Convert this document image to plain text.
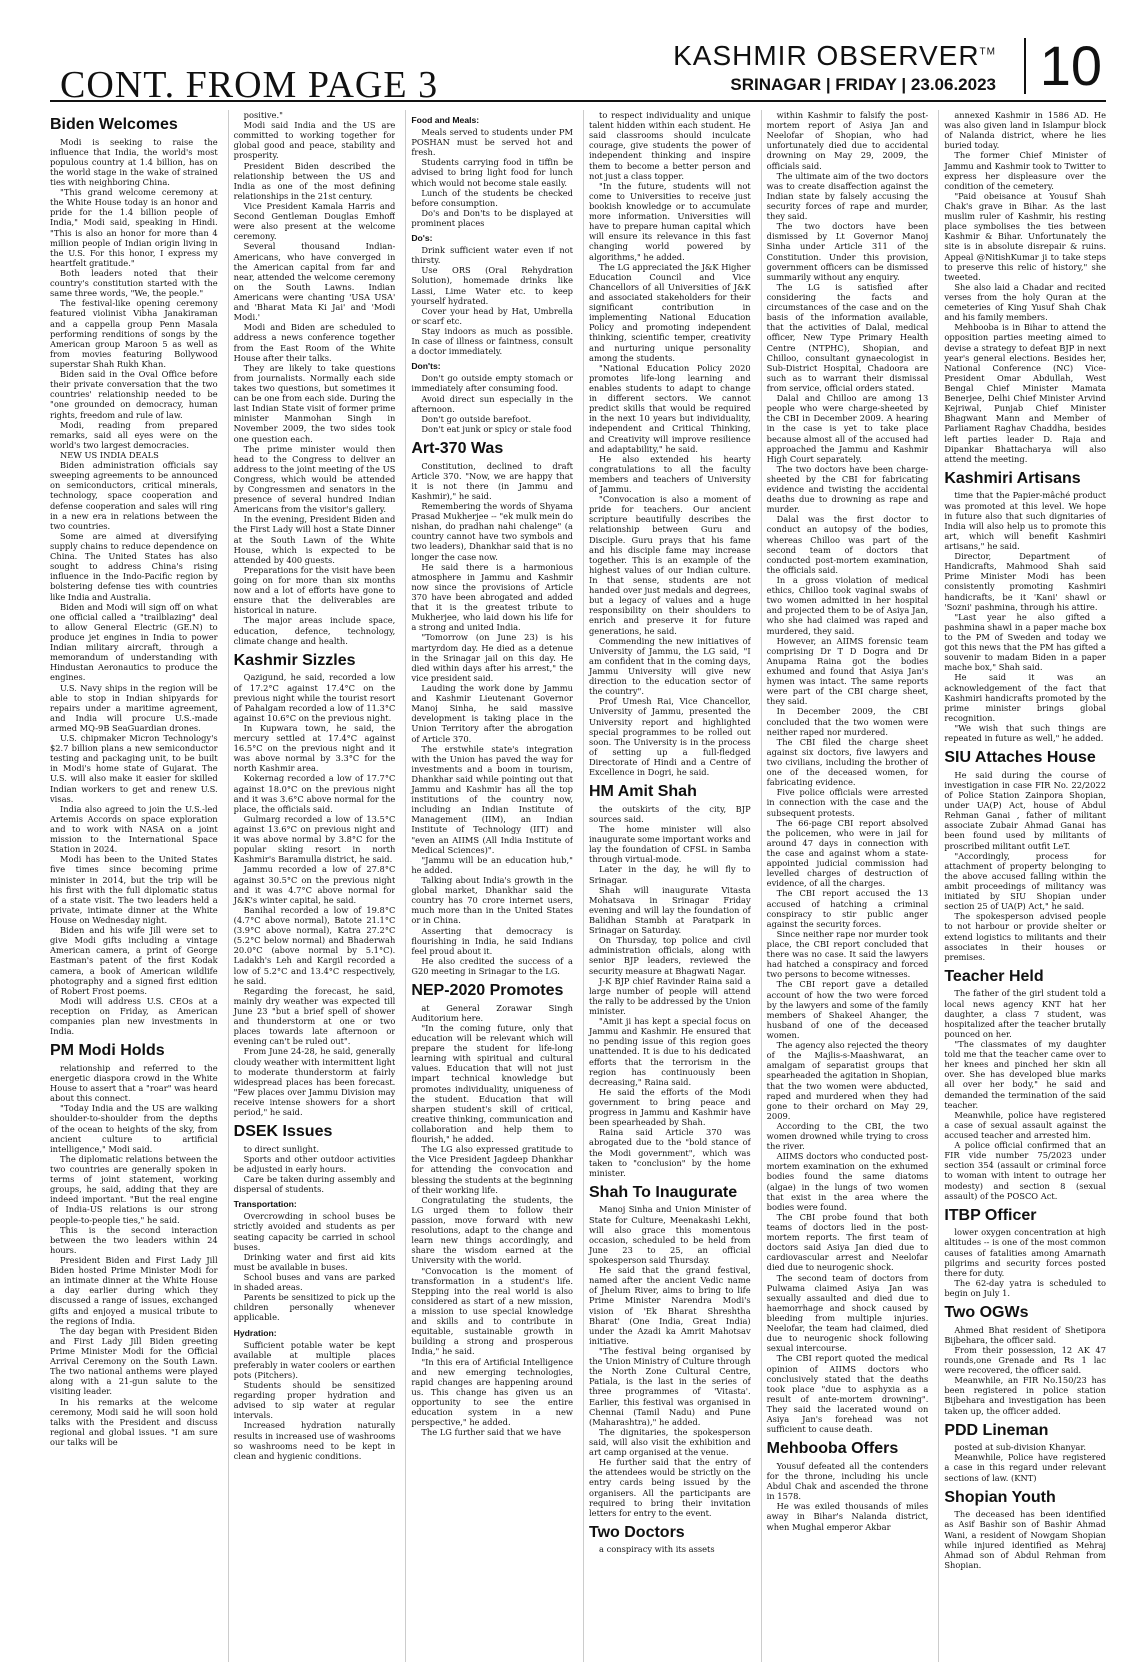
CONT. FROM PAGE 3
KASHMIR OBSERVER™
SRINAGAR | FRIDAY | 23.06.2023 10
Biden Welcomes

Modi is seeking to raise the influence that India, the world's most populous country at 1.4 billion, has on the world stage in the wake of strained ties with neighboring China.

"This grand welcome ceremony at the White House today is an honor and pride for the 1.4 billion people of India," Modi said, speaking in Hindi. "This is also an honor for more than 4 million people of Indian origin living in the U.S. For this honor, I express my heartfelt gratitude."

Both leaders noted that their country's constitution started with the same three words, "We, the people."

The festival-like opening ceremony featured violinist Vibha Janakiraman and a cappella group Penn Masala performing renditions of songs by the American group Maroon 5 as well as from movies featuring Bollywood superstar Shah Rukh Khan.

Biden said in the Oval Office before their private conversation that the two countries' relationship needed to be "one grounded on democracy, human rights, freedom and rule of law.

Modi, reading from prepared remarks, said all eyes were on the world's two largest democracies.

NEW US INDIA DEALS

Biden administration officials say sweeping agreements to be announced on semiconductors, critical minerals, technology, space cooperation and defense cooperation and sales will ring in a new era in relations between the two countries.

Some are aimed at diversifying supply chains to reduce dependence on China. The United States has also sought to address China's rising influence in the Indo-Pacific region by bolstering defense ties with countries like India and Australia.

Biden and Modi will sign off on what one official called a "trailblazing" deal to allow General Electric (GE.N) to produce jet engines in India to power Indian military aircraft, through a memorandum of understanding with Hindustan Aeronautics to produce the engines.

U.S. Navy ships in the region will be able to stop in Indian shipyards for repairs under a maritime agreement, and India will procure U.S.-made armed MQ-9B SeaGuardian drones.

U.S. chipmaker Micron Technology's $2.7 billion plans a new semiconductor testing and packaging unit, to be built in Modi's home state of Gujarat. The U.S. will also make it easier for skilled Indian workers to get and renew U.S. visas.

India also agreed to join the U.S.-led Artemis Accords on space exploration and to work with NASA on a joint mission to the International Space Station in 2024.

Modi has been to the United States five times since becoming prime minister in 2014, but the trip will be his first with the full diplomatic status of a state visit. The two leaders held a private, intimate dinner at the White House on Wednesday night.

Biden and his wife Jill were set to give Modi gifts including a vintage American camera, a print of George Eastman's patent of the first Kodak camera, a book of American wildlife photography and a signed first edition of Robert Frost poems.

Modi will address U.S. CEOs at a reception on Friday, as American companies plan new investments in India.

PM Modi Holds

relationship and referred to the energetic diaspora crowd in the White House to assert that a "roar" was heard about this connect.

"Today India and the US are walking shoulder-to-shoulder from the depths of the ocean to heights of the sky, from ancient culture to artificial intelligence," Modi said.

The diplomatic relations between the two countries are generally spoken in terms of joint statement, working groups, he said, adding that they are indeed important. "But the real engine of India-US relations is our strong people-to-people ties," he said.

This is the second interaction between the two leaders within 24 hours.

President Biden and First Lady Jill Biden hosted Prime Minister Modi for an intimate dinner at the White House a day earlier during which they discussed a range of issues, exchanged gifts and enjoyed a musical tribute to the regions of India.

The day began with President Biden and First Lady Jill Biden greeting Prime Minister Modi for the Official Arrival Ceremony on the South Lawn. The two national anthems were played along with a 21-gun salute to the visiting leader.

In his remarks at the welcome ceremony, Modi said he will soon hold talks with the President and discuss regional and global issues. "I am sure our talks will be

positive."

Modi said India and the US are committed to working together for global good and peace, stability and prosperity.

President Biden described the relationship between the US and India as one of the most defining relationships in the 21st century.

Vice President Kamala Harris and Second Gentleman Douglas Emhoff were also present at the welcome ceremony.

Several thousand Indian-Americans, who have converged in the American capital from far and near, attended the welcome ceremony on the South Lawns. Indian Americans were chanting 'USA USA' and 'Bharat Mata Ki Jai' and 'Modi Modi.'

Modi and Biden are scheduled to address a news conference together from the East Room of the White House after their talks.

They are likely to take questions from journalists. Normally each side takes two questions, but sometimes it can be one from each side. During the last Indian State visit of former prime minister Manmohan Singh in November 2009, the two sides took one question each.

The prime minister would then head to the Congress to deliver an address to the joint meeting of the US Congress, which would be attended by Congressmen and senators in the presence of several hundred Indian Americans from the visitor's gallery.

In the evening, President Biden and the First Lady will host a State Dinner at the South Lawn of the White House, which is expected to be attended by 400 guests.

Preparations for the visit have been going on for more than six months now and a lot of efforts have gone to ensure that the deliverables are historical in nature.

The major areas include space, education, defence, technology, climate change and health.

Kashmir Sizzles

Qazigund, he said, recorded a low of 17.2°C against 17.4°C on the previous night while the tourist resort of Pahalgam recorded a low of 11.3°C against 10.6°C on the previous night.

In Kupwara town, he said, the mercury settled at 17.4°C against 16.5°C on the previous night and it was above normal by 3.3°C for the north Kashmir area.

Kokernag recorded a low of 17.7°C against 18.0°C on the previous night and it was 3.6°C above normal for the place, the officials said.

Gulmarg recorded a low of 13.5°C against 13.6°C on previous night and it was above normal by 3.8°C for the popular skiing resort in north Kashmir's Baramulla district, he said.

Jammu recorded a low of 27.8°C against 30.5°C on the previous night and it was 4.7°C above normal for J&K's winter capital, he said.

Banihal recorded a low of 19.8°C (4.7°C above normal), Batote 21.1°C (3.9°C above normal), Katra 27.2°C (5.2°C below normal) and Bhaderwah 20.0°C (above normal by 5.1°C). Ladakh's Leh and Kargil recorded a low of 5.2°C and 13.4°C respectively, he said.

Regarding the forecast, he said, mainly dry weather was expected till June 23 "but a brief spell of shower and thunderstorm at one or two places towards late afternoon or evening can't be ruled out".

From June 24-28, he said, generally cloudy weather with intermittent light to moderate thunderstorm at fairly widespread places has been forecast. "Few places over Jammu Division may receive intense showers for a short period," he said.

DSEK Issues

to direct sunlight.

Sports and other outdoor activities be adjusted in early hours.

Care be taken during assembly and dispersal of students.

Transportation:

Overcrowding in school buses be strictly avoided and students as per seating capacity be carried in school buses.

Drinking water and first aid kits must be available in buses.

School buses and vans are parked in shaded areas.

Parents be sensitized to pick up the children personally whenever applicable.

Hydration:

Sufficient potable water be kept available at multiple places preferably in water coolers or earthen pots (Pitchers).

Students should be sensitized regarding proper hydration and advised to sip water at regular intervals.

Increased hydration naturally results in increased use of washrooms so washrooms need to be kept in clean and hygienic conditions.

Food and Meals:

Meals served to students under PM POSHAN must be served hot and fresh.

Students carrying food in tiffin be advised to bring light food for lunch which would not become stale easily.

Lunch of the students be checked before consumption.

Do's and Don'ts to be displayed at prominent places

Do's:

Drink sufficient water even if not thirsty.

Use ORS (Oral Rehydration Solution), homemade drinks like Lassi, Lime Water etc. to keep yourself hydrated.

Cover your head by Hat, Umbrella or scarf etc.

Stay indoors as much as possible. In case of illness or faintness, consult a doctor immediately.

Don'ts:

Don't go outside empty stomach or immediately after consuming food.

Avoid direct sun especially in the afternoon.

Don't go outside barefoot.

Don't eat junk or spicy or stale food

Art-370 Was

Constitution, declined to draft Article 370. "Now, we are happy that it is not there (in Jammu and Kashmir)," he said.

Remembering the words of Shyama Prasad Mukherjee -- "ek mulk mein do nishan, do pradhan nahi chalenge" (a country cannot have two symbols and two leaders), Dhankhar said that is no longer the case now.

He said there is a harmonious atmosphere in Jammu and Kashmir now since the provisions of Article 370 have been abrogated and added that it is the greatest tribute to Mukherjee, who laid down his life for a strong and united India.

"Tomorrow (on June 23) is his martyrdom day. He died as a detenue in the Srinagar jail on this day. He died within days after his arrest," the vice president said.

Lauding the work done by Jammu and Kashmir Lieutenant Governor Manoj Sinha, he said massive development is taking place in the Union Territory after the abrogation of Article 370.

The erstwhile state's integration with the Union has paved the way for investments and a boom in tourism, Dhankhar said while pointing out that Jammu and Kashmir has all the top institutions of the country now, including an Indian Institute of Management (IIM), an Indian Institute of Technology (IIT) and "even an AIIMS (All India Institute of Medical Sciences)".

"Jammu will be an education hub," he added.

Talking about India's growth in the global market, Dhankhar said the country has 70 crore internet users, much more than in the United States or in China.

Asserting that democracy is flourishing in India, he said Indians feel proud about it.

He also credited the success of a G20 meeting in Srinagar to the LG.

NEP-2020 Promotes

at General Zorawar Singh Auditorium here.

"In the coming future, only that education will be relevant which will prepare the student for life-long learning with spiritual and cultural values. Education that will not just impart technical knowledge but promotes individuality, uniqueness of the student. Education that will sharpen student's skill of critical, creative thinking, communication and collaboration and help them to flourish," he added.

The LG also expressed gratitude to the Vice President Jagdeep Dhankhar for attending the convocation and blessing the students at the beginning of their working life.

Congratulating the students, the LG urged them to follow their passion, move forward with new resolutions, adapt to the change and learn new things accordingly, and share the wisdom earned at the University with the world.

"Convocation is the moment of transformation in a student's life. Stepping into the real world is also considered as start of a new mission, a mission to use special knowledge and skills and to contribute in equitable, sustainable growth in building a strong and prosperous India," he said.

"In this era of Artificial Intelligence and new emerging technologies, rapid changes are happening around us. This change has given us an opportunity to see the entire education system in a new perspective," he added.

The LG further said that we have

to respect individuality and unique talent hidden within each student. He said classrooms should inculcate courage, give students the power of independent thinking and inspire them to become a better person and not just a class topper.

"In the future, students will not come to Universities to receive just bookish knowledge or to accumulate more information. Universities will have to prepare human capital which will ensure its relevance in this fast changing world powered by algorithms," he added.

The LG appreciated the J&K Higher Education Council and Vice Chancellors of all Universities of J&K and associated stakeholders for their significant contribution in implementing National Education Policy and promoting independent thinking, scientific temper, creativity and nurturing unique personality among the students.

"National Education Policy 2020 promotes life-long learning and enables students to adapt to change in different sectors. We cannot predict skills that would be required in the next 10 years but individuality, independent and Critical Thinking, and Creativity will improve resilience and adaptability," he said.

He also extended his hearty congratulations to all the faculty members and teachers of University of Jammu.

"Convocation is also a moment of pride for teachers. Our ancient scripture beautifully describes the relationship between Guru and Disciple. Guru prays that his fame and his disciple fame may increase together. This is an example of the highest values of our Indian culture. In that sense, students are not handed over just medals and degrees, but a legacy of values and a huge responsibility on their shoulders to enrich and preserve it for future generations, he said.

Commending the new initiatives of University of Jammu, the LG said, "I am confident that in the coming days, Jammu University will give new direction to the education sector of the country".

Prof Umesh Rai, Vice Chancellor, University of Jammu, presented the University report and highlighted special programmes to be rolled out soon. The University is in the process of setting up a full-fledged Directorate of Hindi and a Centre of Excellence in Dogri, he said.

HM Amit Shah

the outskirts of the city, BJP sources said.

The home minister will also inaugurate some important works and lay the foundation of CFSL in Samba through virtual-mode.

Later in the day, he will fly to Srinagar.

Shah will inaugurate Vitasta Mohatsava in Srinagar Friday evening and will lay the foundation of Balidhan Stambh at Paratpark in Srinagar on Saturday.

On Thursday, top police and civil administration officials, along with senior BJP leaders, reviewed the security measure at Bhagwati Nagar.

J-K BJP chief Ravinder Raina said a large number of people will attend the rally to be addressed by the Union minister.

"Amit ji has kept a special focus on Jammu and Kashmir. He ensured that no pending issue of this region goes unattended. It is due to his dedicated efforts that the terrorism in the region has continuously been decreasing," Raina said.

He said the efforts of the Modi government to bring peace and progress in Jammu and Kashmir have been spearheaded by Shah.

Raina said Article 370 was abrogated due to the "bold stance of the Modi government", which was taken to "conclusion" by the home minister.

Shah To Inaugurate

Manoj Sinha and Union Minister of State for Culture, Meenakashi Lekhi, will also grace this momentous occasion, scheduled to be held from June 23 to 25, an official spokesperson said Thursday.

He said that the grand festival, named after the ancient Vedic name of Jhelum River, aims to bring to life Prime Minister Narendra Modi's vision of 'Ek Bharat Shreshtha Bharat' (One India, Great India) under the Azadi ka Amrit Mahotsav initiative.

"The festival being organised by the Union Ministry of Culture through the North Zone Cultural Centre, Patiala, is the last in the series of three programmes of 'Vitasta'. Earlier, this festival was organised in Chennai (Tamil Nadu) and Pune (Maharashtra)," he added.

The dignitaries, the spokesperson said, will also visit the exhibition and art camp organised at the venue.

He further said that the entry of the attendees would be strictly on the entry cards being issued by the organisers. All the participants are required to bring their invitation letters for entry to the event.

Two Doctors

a conspiracy with its assets

within Kashmir to falsify the post-mortem report of Asiya Jan and Neelofar of Shopian, who had unfortunately died due to accidental drowning on May 29, 2009, the officials said.

The ultimate aim of the two doctors was to create disaffection against the Indian state by falsely accusing the security forces of rape and murder, they said.

The two doctors have been dismissed by Lt Governor Manoj Sinha under Article 311 of the Constitution. Under this provision, government officers can be dismissed summarily without any enquiry.

The LG is satisfied after considering the facts and circumstances of the case and on the basis of the information available, that the activities of Dalal, medical officer, New Type Primary Health Centre (NTPHC), Shopian, and Chilloo, consultant gynaecologist in Sub-District Hospital, Chadoora are such as to warrant their dismissal from service, official orders stated.

Dalal and Chilloo are among 13 people who were charge-sheeted by the CBI in December 2009. A hearing in the case is yet to take place because almost all of the accused had approached the Jammu and Kashmir High Court separately.

The two doctors have been charge-sheeted by the CBI for fabricating evidence and twisting the accidental deaths due to drowning as rape and murder.

Dalal was the first doctor to conduct an autopsy of the bodies, whereas Chilloo was part of the second team of doctors that conducted post-mortem examination, the officials said.

In a gross violation of medical ethics, Chilloo took vaginal swabs of two women admitted in her hospital and projected them to be of Asiya Jan, who she had claimed was raped and murdered, they said.

However, an AIIMS forensic team comprising Dr T D Dogra and Dr Anupama Raina got the bodies exhumed and found that Asiya Jan's hymen was intact. The same reports were part of the CBI charge sheet, they said.

In December 2009, the CBI concluded that the two women were neither raped nor murdered.

The CBI filed the charge sheet against six doctors, five lawyers and two civilians, including the brother of one of the deceased women, for fabricating evidence.

Five police officials were arrested in connection with the case and the subsequent protests.

The 66-page CBI report absolved the policemen, who were in jail for around 47 days in connection with the case and against whom a state-appointed judicial commission had levelled charges of destruction of evidence, of all the charges.

The CBI report accused the 13 accused of hatching a criminal conspiracy to stir public anger against the security forces.

Since neither rape nor murder took place, the CBI report concluded that there was no case. It said the lawyers had hatched a conspiracy and forced two persons to become witnesses.

The CBI report gave a detailed account of how the two were forced by the lawyers and some of the family members of Shakeel Ahanger, the husband of one of the deceased women.

The agency also rejected the theory of the Majlis-s-Maashwarat, an amalgam of separatist groups that spearheaded the agitation in Shopian, that the two women were abducted, raped and murdered when they had gone to their orchard on May 29, 2009.

According to the CBI, the two women drowned while trying to cross the river.

AIIMS doctors who conducted post-mortem examination on the exhumed bodies found the same diatoms (algae) in the lungs of two women that exist in the area where the bodies were found.

The CBI probe found that both teams of doctors lied in the post-mortem reports. The first team of doctors said Asiya Jan died due to cardiovascular arrest and Neelofar died due to neurogenic shock.

The second team of doctors from Pulwama claimed Asiya Jan was sexually assaulted and died due to haemorrhage and shock caused by bleeding from multiple injuries. Neelofar, the team had claimed, died due to neurogenic shock following sexual intercourse.

The CBI report quoted the medical opinion of AIIMS doctors who conclusively stated that the deaths took place "due to asphyxia as a result of ante-mortem drowning". They said the lacerated wound on Asiya Jan's forehead was not sufficient to cause death.

Mehbooba Offers

Yousuf defeated all the contenders for the throne, including his uncle Abdul Chak and ascended the throne in 1578.

He was exiled thousands of miles away in Bihar's Nalanda district, when Mughal emperor Akbar

annexed Kashmir in 1586 AD. He was also given land in Islampur block of Nalanda district, where he lies buried today.

The former Chief Minister of Jammu and Kashmir took to Twitter to express her displeasure over the condition of the cemetery.

"Paid obeisance at Yousuf Shah Chak's grave in Bihar. As the last muslim ruler of Kashmir, his resting place symbolises the ties between Kashmir & Bihar. Unfortunately the site is in absolute disrepair & ruins. Appeal @NitishKumar ji to take steps to preserve this relic of history," she tweeted.

She also laid a Chadar and recited verses from the holy Quran at the cemeteries of King Yusuf Shah Chak and his family members.

Mehbooba is in Bihar to attend the opposition parties meeting aimed to devise a strategy to defeat BJP in next year's general elections. Besides her, National Conference (NC) Vice-President Omar Abdullah, West Bengal Chief Minister Mamata Benerjee, Delhi Chief Minister Arvind Kejriwal, Punjab Chief Minister Bhagwant Mann and Member of Parliament Raghav Chaddha, besides left parties leader D. Raja and Dipankar Bhattacharya will also attend the meeting.

Kashmiri Artisans

time that the Papier-mâché product was promoted at this level. We hope in future also that such dignitaries of India will also help us to promote this art, which will benefit Kashmiri artisans," he said.

Director, Department of Handicrafts, Mahmood Shah said Prime Minister Modi has been consistently promoting Kashmiri handicrafts, be it 'Kani' shawl or 'Sozni' pashmina, through his attire.

"Last year he also gifted a pashmina shawl in a paper mache box to the PM of Sweden and today we got this news that the PM has gifted a souvenir to madam Biden in a paper mache box," Shah said.

He said it was an acknowledgement of the fact that Kashmiri handicrafts promoted by the prime minister brings global recognition.

"We wish that such things are repeated in future as well," he added.

SIU Attaches House

He said during the course of investigation in case FIR No. 22/2022 of Police Station Zainpora Shopian, under UA(P) Act, house of Abdul Rehman Ganai , father of militant associate Zubair Ahmad Ganai has been found used by militants of proscribed militant outfit LeT.

"Accordingly, process for attachment of property belonging to the above accused falling within the ambit proceedings of militancy was initiated by SIU Shopian under section 25 of UA(P) Act," he said.

The spokesperson advised people to not harbour or provide shelter or extend logistics to militants and their associates in their houses or premises.

Teacher Held

The father of the girl student told a local news agency KNT hat her daughter, a class 7 student, was hospitalized after the teacher brutally pounced on her.

"The classmates of my daughter told me that the teacher came over to her knees and pinched her skin all over. She has developed blue marks all over her body," he said and demanded the termination of the said teacher.

Meanwhile, police have registered a case of sexual assault against the accused teacher and arrested him.

A police official confirmed that an FIR vide number 75/2023 under section 354 (assault or criminal force to woman with intent to outrage her modesty) and section 8 (sexual assault) of the POSCO Act.

ITBP Officer

lower oxygen concentration at high altitudes -- is one of the most common causes of fatalities among Amarnath pilgrims and security forces posted there for duty.

The 62-day yatra is scheduled to begin on July 1.

Two OGWs

Ahmed Bhat resident of Shetipora Bijbehara, the officer said.

From their possession, 12 AK 47 rounds,one Grenade and Rs 1 lac were recovered, the officer said.

Meanwhile, an FIR No.150/23 has been registered in police station Bijbehara and investigation has been taken up, the officer added.

PDD Lineman

posted at sub-division Khanyar.

Meanwhile, Police have registered a case in this regard under relevant sections of law. (KNT)

Shopian Youth

The deceased has been identified as Asif Bashir son of Bashir Ahmad Wani, a resident of Nowgam Shopian while injured identified as Mehraj Ahmad son of Abdul Rehman from Shopian.
